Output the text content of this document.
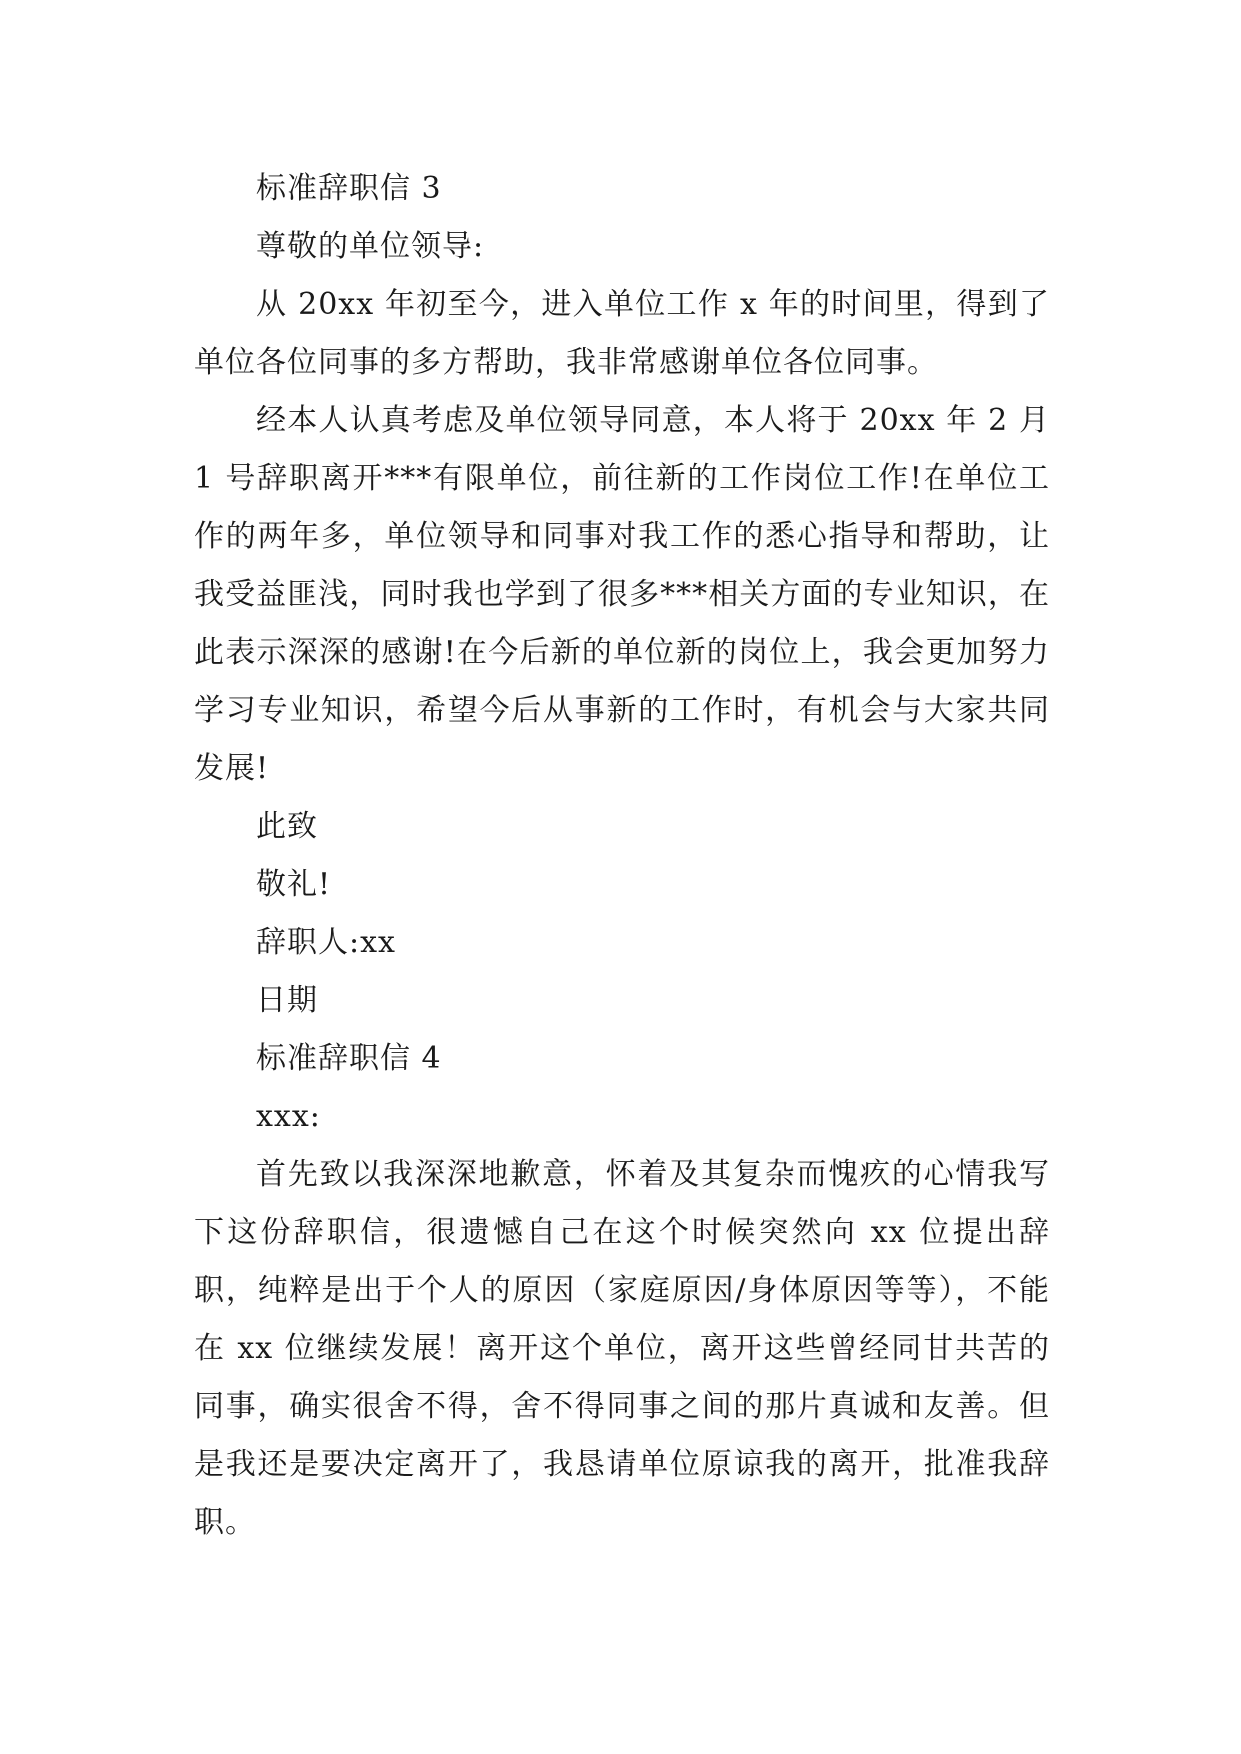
标准辞职信 3
尊敬的单位领导:

从 20xx 年初至今，进入单位工作 x 年的时间里，得到了单位各位同事的多方帮助，我非常感谢单位各位同事。

经本人认真考虑及单位领导同意，本人将于 20xx 年 2 月 1 号辞职离开***有限单位，前往新的工作岗位工作!在单位工作的两年多，单位领导和同事对我工作的悉心指导和帮助，让我受益匪浅，同时我也学到了很多***相关方面的专业知识，在此表示深深的感谢!在今后新的单位新的岗位上，我会更加努力学习专业知识，希望今后从事新的工作时，有机会与大家共同发展!

此致
敬礼!
辞职人:xx
日期
标准辞职信 4
xxx:

首先致以我深深地歉意，怀着及其复杂而愧疚的心情我写下这份辞职信，很遗憾自己在这个时候突然向 xx 位提出辞职，纯粹是出于个人的原因（家庭原因/身体原因等等），不能在 xx 位继续发展！离开这个单位，离开这些曾经同甘共苦的同事，确实很舍不得，舍不得同事之间的那片真诚和友善。但是我还是要决定离开了，我恳请单位原谅我的离开，批准我辞职。
